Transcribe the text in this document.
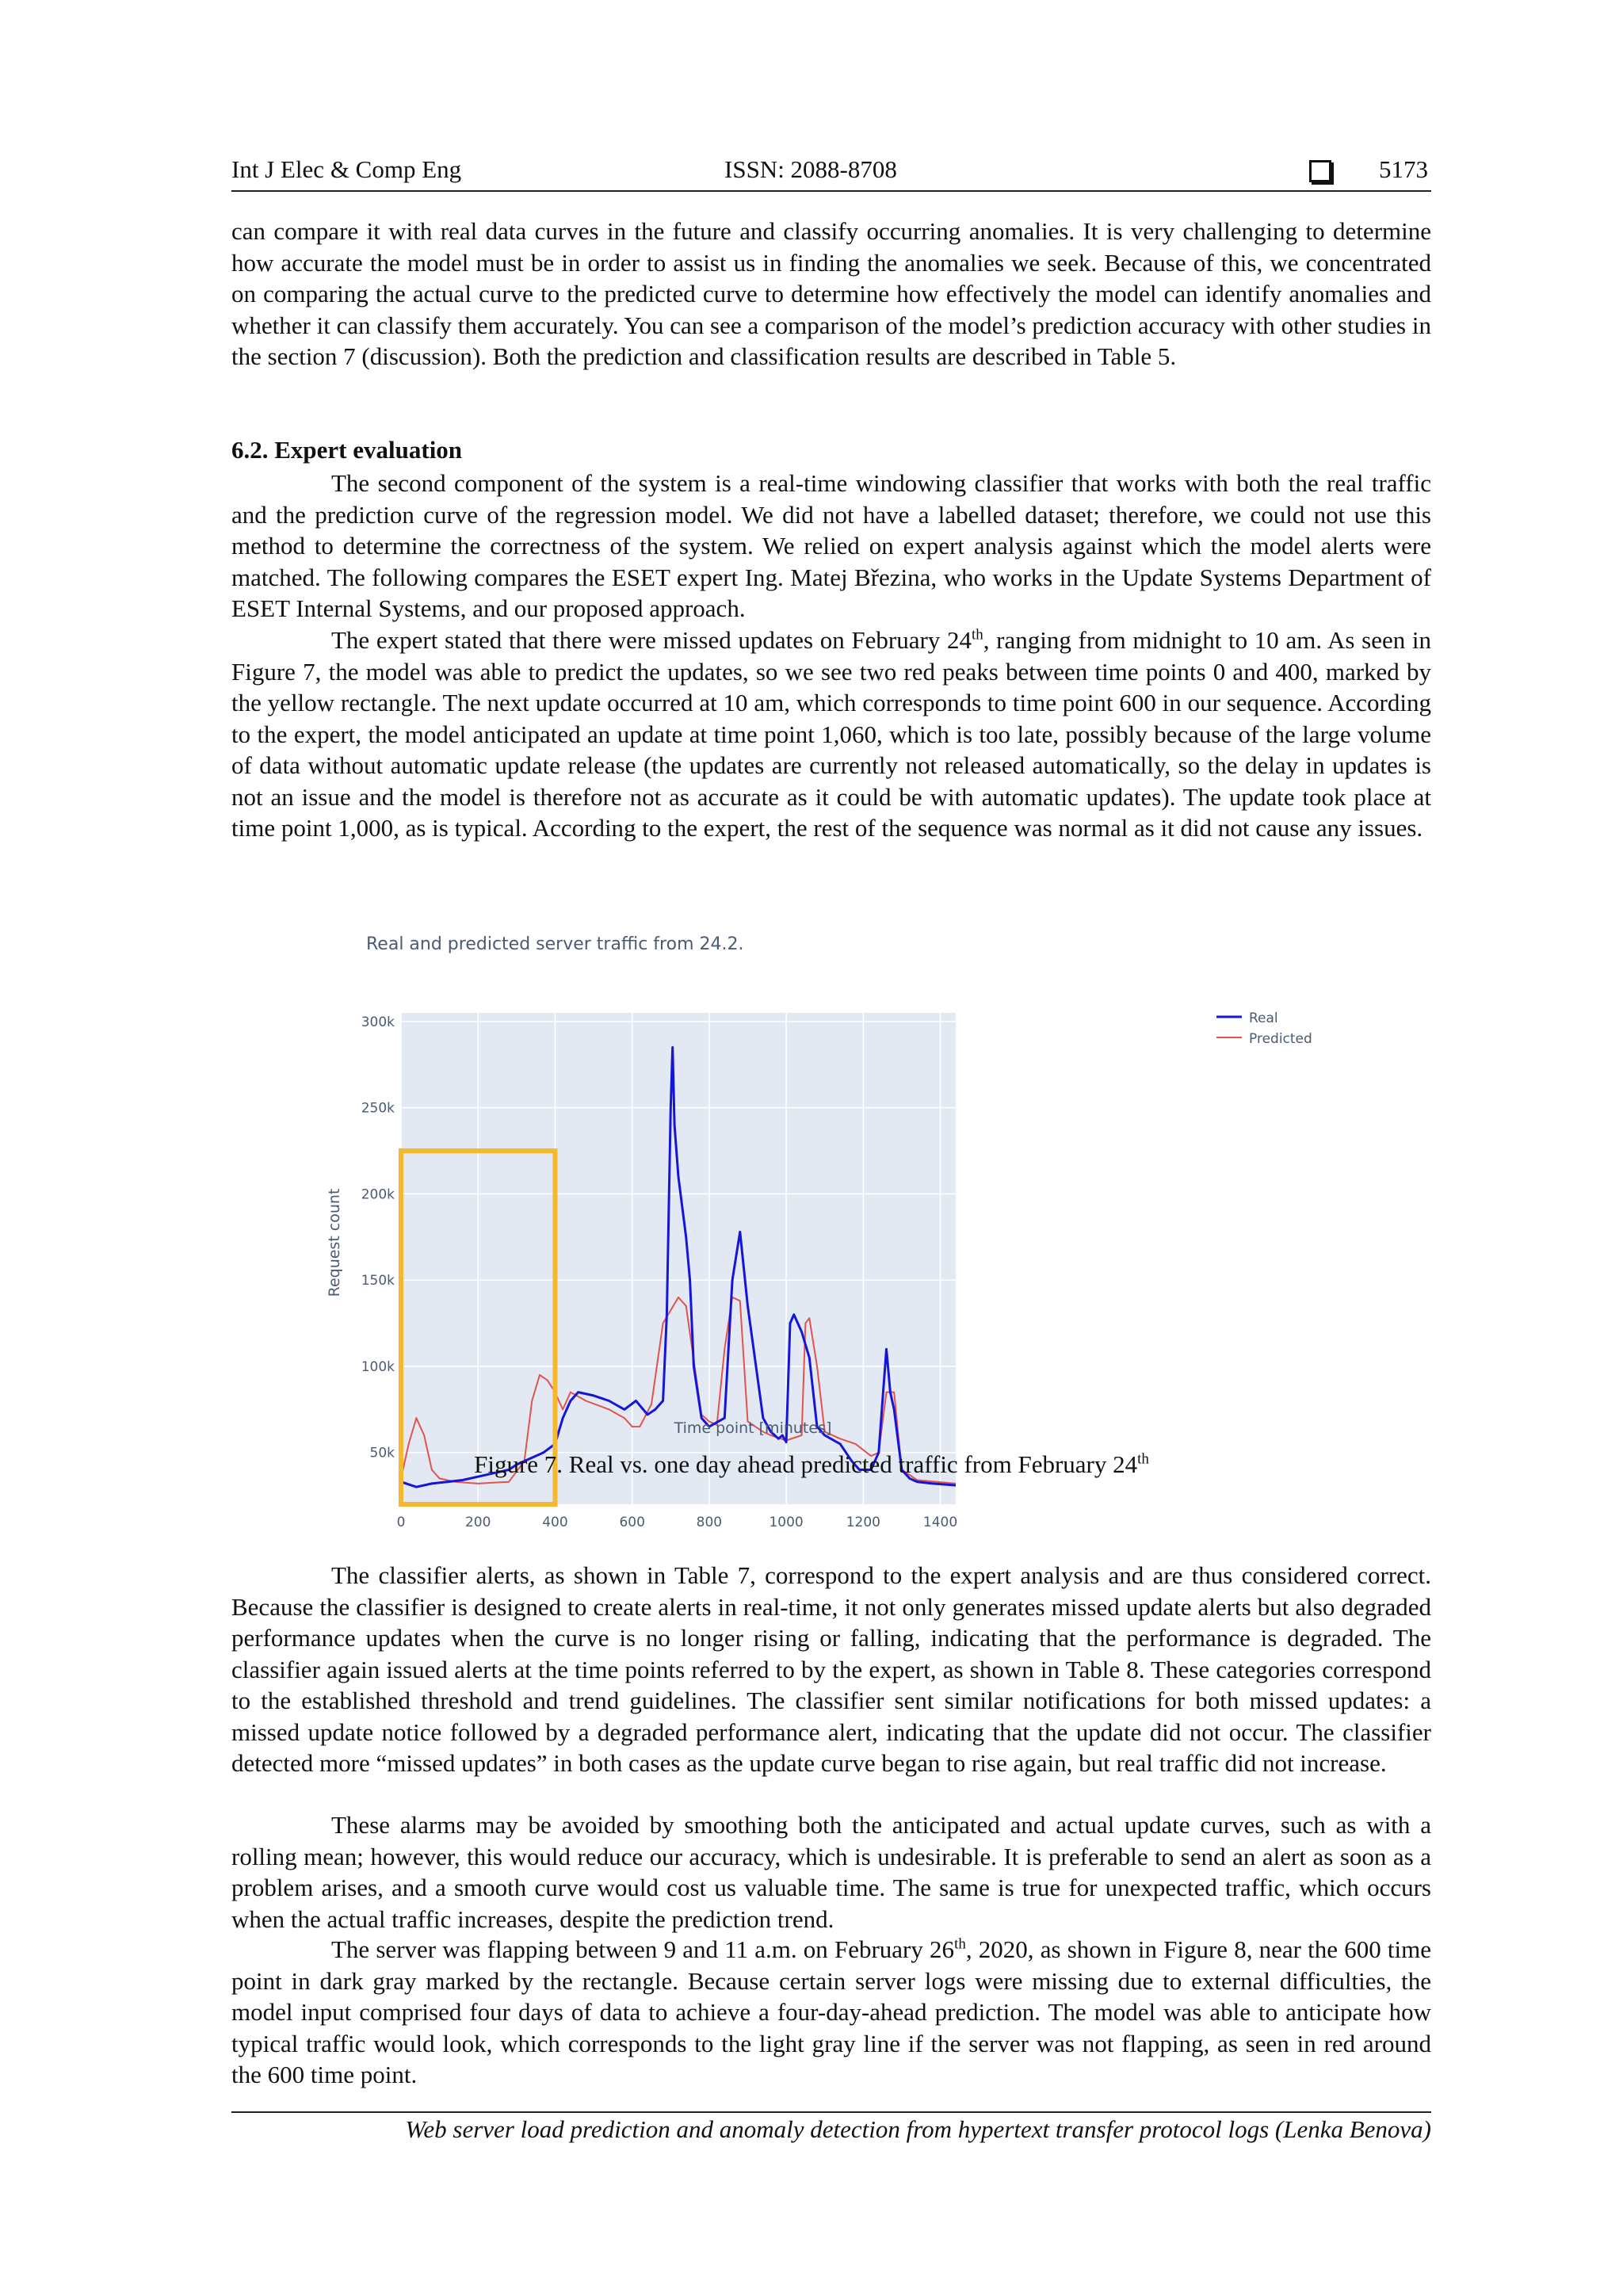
Int J Elec & Comp Eng	ISSN: 2088-8708	5173

can compare it with real data curves in the future and classify occurring anomalies. It is very challenging to determine how accurate the model must be in order to assist us in finding the anomalies we seek. Because of this, we concentrated on comparing the actual curve to the predicted curve to determine how effectively the model can identify anomalies and whether it can classify them accurately. You can see a comparison of the model’s prediction accuracy with other studies in the section 7 (discussion). Both the prediction and classification results are described in Table 5.

6.2. Expert evaluation

The second component of the system is a real-time windowing classifier that works with both the real traffic and the prediction curve of the regression model. We did not have a labelled dataset; therefore, we could not use this method to determine the correctness of the system. We relied on expert analysis against which the model alerts were matched. The following compares the ESET expert Ing. Matej Březina, who works in the Update Systems Department of ESET Internal Systems, and our proposed approach.

The expert stated that there were missed updates on February 24th, ranging from midnight to 10 am. As seen in Figure 7, the model was able to predict the updates, so we see two red peaks between time points 0 and 400, marked by the yellow rectangle. The next update occurred at 10 am, which corresponds to time point 600 in our sequence. According to the expert, the model anticipated an update at time point 1,060, which is too late, possibly because of the large volume of data without automatic update release (the updates are currently not released automatically, so the delay in updates is not an issue and the model is therefore not as accurate as it could be with automatic updates). The update took place at time point 1,000, as is typical. According to the expert, the rest of the sequence was normal as it did not cause any issues.

Real and predicted server traffic from 24.2.
0	200	400	600	800	1000	1200	1400
50k
100k
150k
200k
250k
300k
Time point [minutes]
Request count
Real
Predicted
Figure 7. Real vs. one day ahead predicted traffic from February 24th

The classifier alerts, as shown in Table 7, correspond to the expert analysis and are thus considered correct. Because the classifier is designed to create alerts in real-time, it not only generates missed update alerts but also degraded performance updates when the curve is no longer rising or falling, indicating that the performance is degraded. The classifier again issued alerts at the time points referred to by the expert, as shown in Table 8. These categories correspond to the established threshold and trend guidelines. The classifier sent similar notifications for both missed updates: a missed update notice followed by a degraded performance alert, indicating that the update did not occur. The classifier detected more “missed updates” in both cases as the update curve began to rise again, but real traffic did not increase.

These alarms may be avoided by smoothing both the anticipated and actual update curves, such as with a rolling mean; however, this would reduce our accuracy, which is undesirable. It is preferable to send an alert as soon as a problem arises, and a smooth curve would cost us valuable time. The same is true for unexpected traffic, which occurs when the actual traffic increases, despite the prediction trend.

The server was flapping between 9 and 11 a.m. on February 26th, 2020, as shown in Figure 8, near the 600 time point in dark gray marked by the rectangle. Because certain server logs were missing due to external difficulties, the model input comprised four days of data to achieve a four-day-ahead prediction. The model was able to anticipate how typical traffic would look, which corresponds to the light gray line if the server was not flapping, as seen in red around the 600 time point.

Web server load prediction and anomaly detection from hypertext transfer protocol logs (Lenka Benova)
